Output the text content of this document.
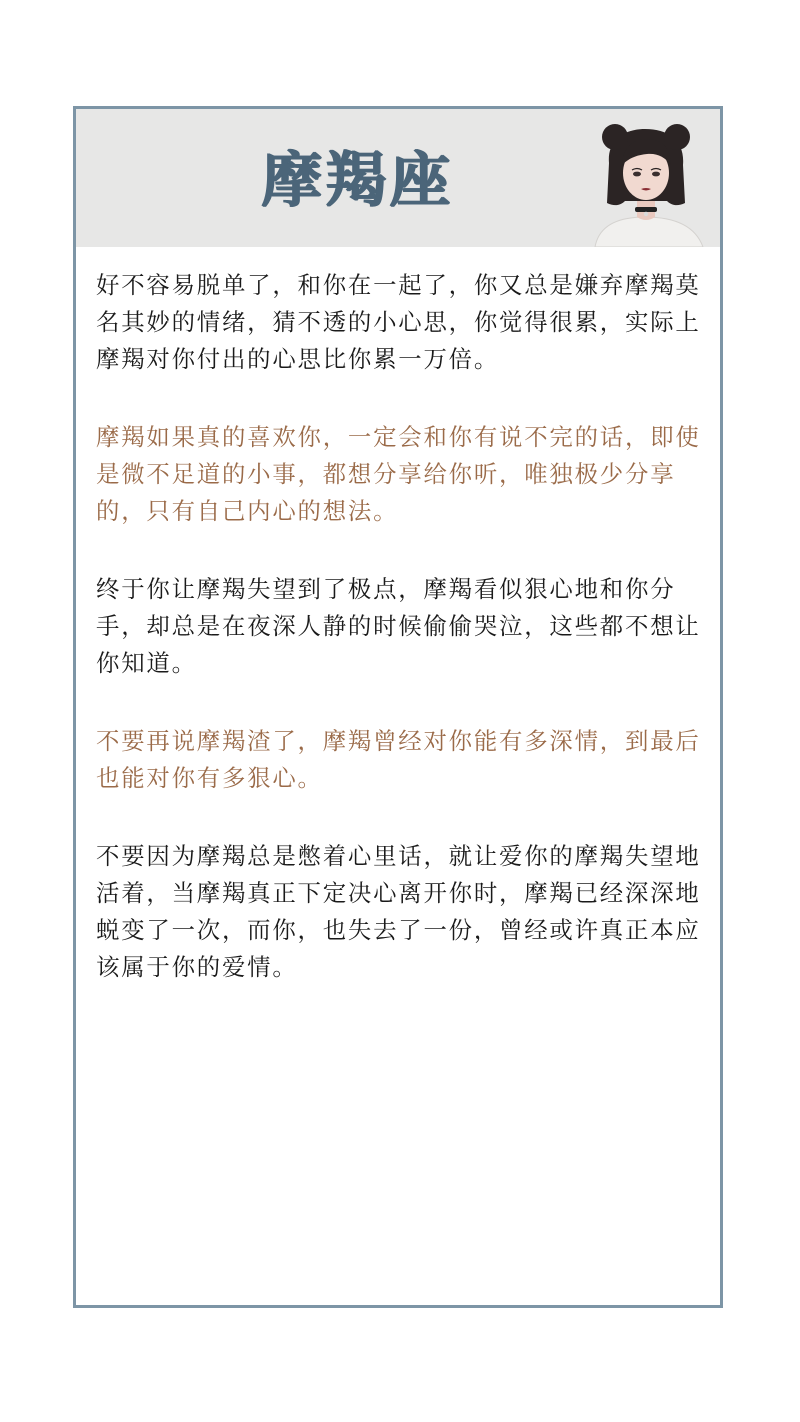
摩羯座

好不容易脱单了，和你在一起了，你又总是嫌弃摩羯莫名其妙的情绪，猜不透的小心思，你觉得很累，实际上摩羯对你付出的心思比你累一万倍。

摩羯如果真的喜欢你，一定会和你有说不完的话，即使是微不足道的小事，都想分享给你听，唯独极少分享的，只有自己内心的想法。

终于你让摩羯失望到了极点，摩羯看似狠心地和你分手，却总是在夜深人静的时候偷偷哭泣，这些都不想让你知道。

不要再说摩羯渣了，摩羯曾经对你能有多深情，到最后也能对你有多狠心。

不要因为摩羯总是憋着心里话，就让爱你的摩羯失望地活着，当摩羯真正下定决心离开你时，摩羯已经深深地蜕变了一次，而你，也失去了一份，曾经或许真正本应该属于你的爱情。
